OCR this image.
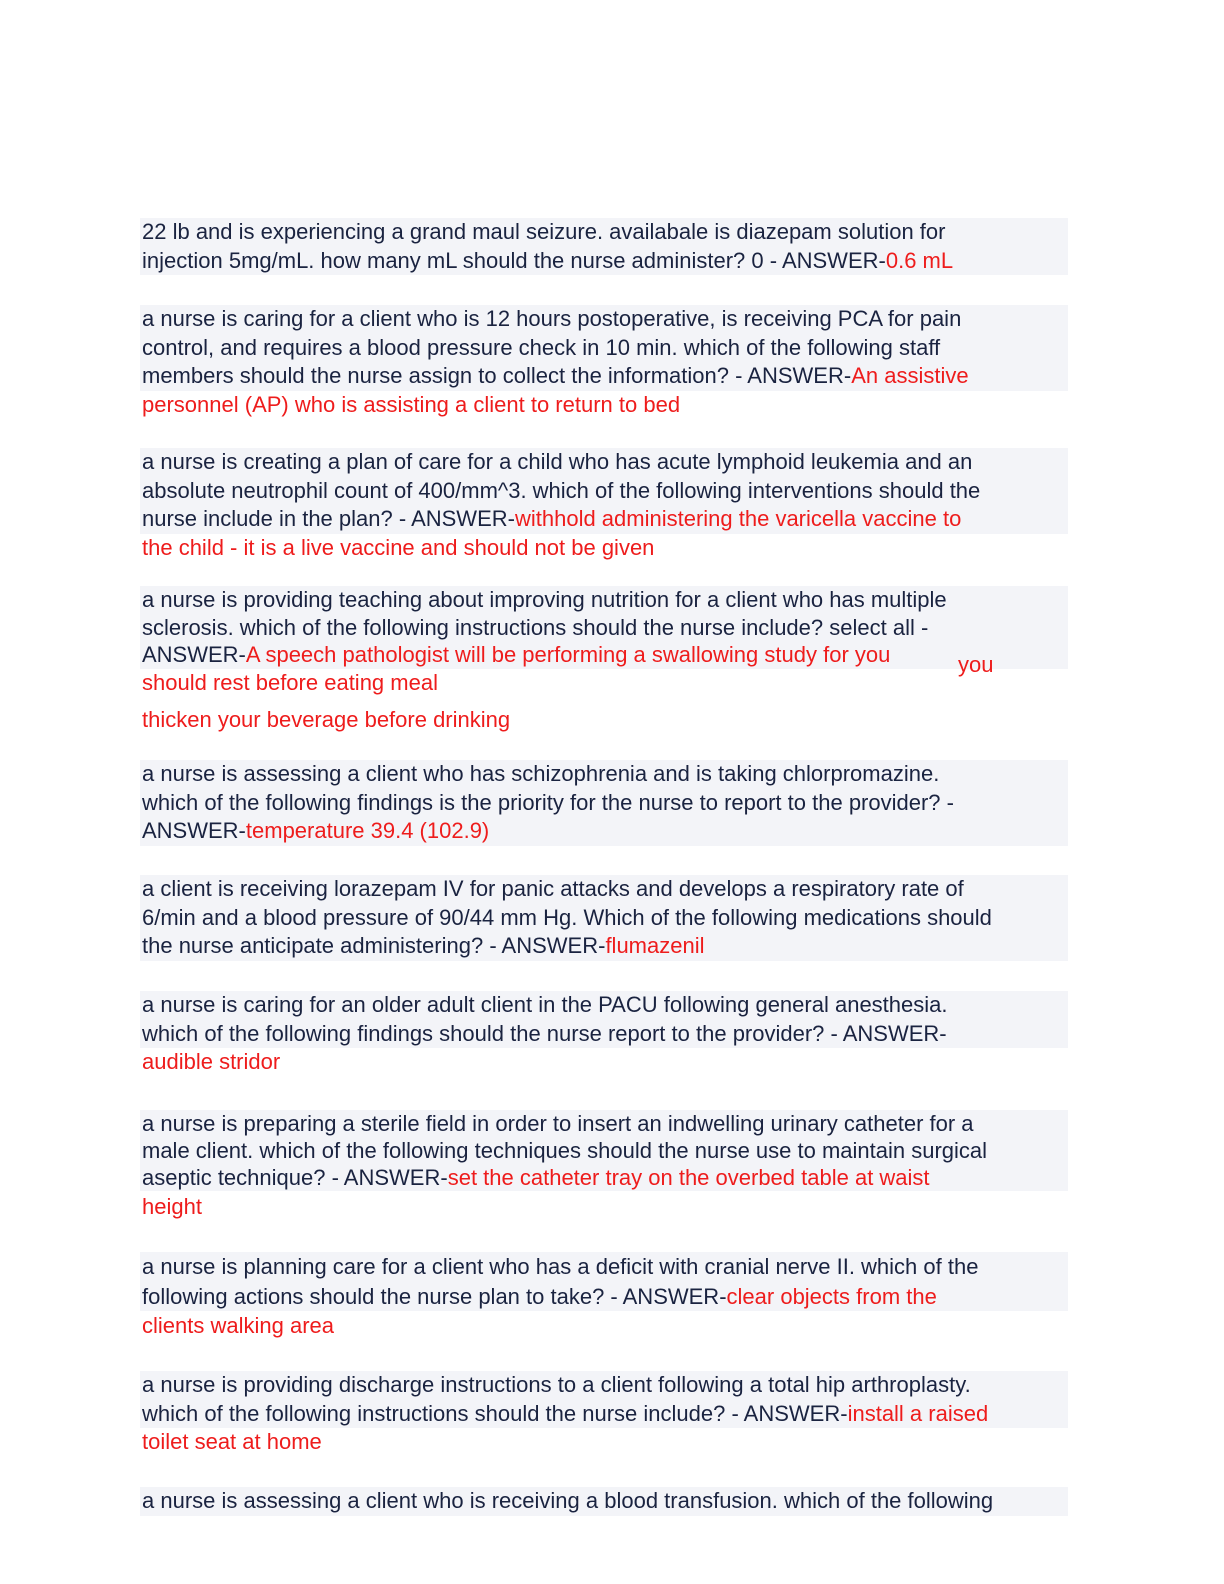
22 lb and is experiencing a grand maul seizure. availabale is diazepam solution for
injection 5mg/mL. how many mL should the nurse administer? 0 - ANSWER-0.6 mL
a nurse is caring for a client who is 12 hours postoperative, is receiving PCA for pain
control, and requires a blood pressure check in 10 min. which of the following staff
members should the nurse assign to collect the information? - ANSWER-An assistive
personnel (AP) who is assisting a client to return to bed
a nurse is creating a plan of care for a child who has acute lymphoid leukemia and an
absolute neutrophil count of 400/mm^3. which of the following interventions should the
nurse include in the plan? - ANSWER-withhold administering the varicella vaccine to
the child - it is a live vaccine and should not be given
a nurse is providing teaching about improving nutrition for a client who has multiple
sclerosis. which of the following instructions should the nurse include? select all -
ANSWER-A speech pathologist will be performing a swallowing study for you
should rest before eating meal
thicken your beverage before drinking
you
a nurse is assessing a client who has schizophrenia and is taking chlorpromazine.
which of the following findings is the priority for the nurse to report to the provider? -
ANSWER-temperature 39.4 (102.9)
a client is receiving lorazepam IV for panic attacks and develops a respiratory rate of
6/min and a blood pressure of 90/44 mm Hg. Which of the following medications should
the nurse anticipate administering? - ANSWER-flumazenil
a nurse is caring for an older adult client in the PACU following general anesthesia.
which of the following findings should the nurse report to the provider? - ANSWER-
audible stridor
a nurse is preparing a sterile field in order to insert an indwelling urinary catheter for a
male client. which of the following techniques should the nurse use to maintain surgical
aseptic technique? - ANSWER-set the catheter tray on the overbed table at waist
height
a nurse is planning care for a client who has a deficit with cranial nerve II. which of the
following actions should the nurse plan to take? - ANSWER-clear objects from the
clients walking area
a nurse is providing discharge instructions to a client following a total hip arthroplasty.
which of the following instructions should the nurse include? - ANSWER-install a raised
toilet seat at home
a nurse is assessing a client who is receiving a blood transfusion. which of the following
